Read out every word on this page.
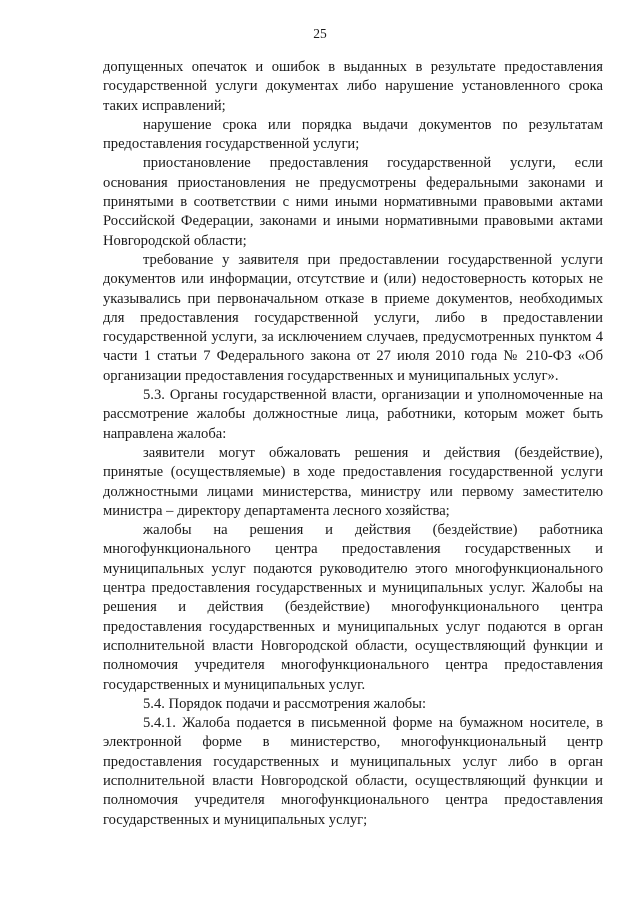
25

допущенных опечаток и ошибок в выданных в результате предоставления государственной услуги документах либо нарушение установленного срока таких исправлений;

нарушение срока или порядка выдачи документов по результатам предоставления государственной услуги;

приостановление предоставления государственной услуги, если основания приостановления не предусмотрены федеральными законами и принятыми в соответствии с ними иными нормативными правовыми актами Российской Федерации, законами и иными нормативными правовыми актами Новгородской области;

требование у заявителя при предоставлении государственной услуги документов или информации, отсутствие и (или) недостоверность которых не указывались при первоначальном отказе в приеме документов, необходимых для предоставления государственной услуги, либо в предоставлении государственной услуги, за исключением случаев, предусмотренных пунктом 4 части 1 статьи 7 Федерального закона от 27 июля 2010 года № 210-ФЗ «Об организации предоставления государственных и муниципальных услуг».

5.3. Органы государственной власти, организации и уполномоченные на рассмотрение жалобы должностные лица, работники, которым может быть направлена жалоба:

заявители могут обжаловать решения и действия (бездействие), принятые (осуществляемые) в ходе предоставления государственной услуги должностными лицами министерства, министру или первому заместителю министра – директору департамента лесного хозяйства;

жалобы на решения и действия (бездействие) работника многофункционального центра предоставления государственных и муниципальных услуг подаются руководителю этого многофункционального центра предоставления государственных и муниципальных услуг. Жалобы на решения и действия (бездействие) многофункционального центра предоставления государственных и муниципальных услуг подаются в орган исполнительной власти Новгородской области, осуществляющий функции и полномочия учредителя многофункционального центра предоставления государственных и муниципальных услуг.

5.4. Порядок подачи и рассмотрения жалобы:

5.4.1. Жалоба подается в письменной форме на бумажном носителе, в электронной форме в министерство, многофункциональный центр предоставления государственных и муниципальных услуг либо в орган исполнительной власти Новгородской области, осуществляющий функции и полномочия учредителя многофункционального центра предоставления государственных и муниципальных услуг;
